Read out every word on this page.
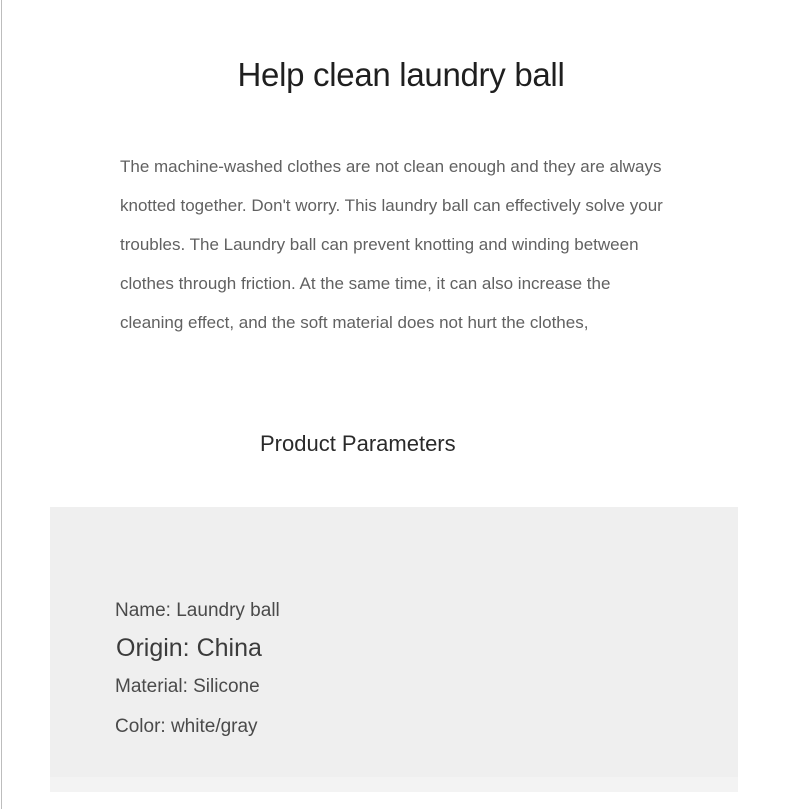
Help clean laundry ball

The machine-washed clothes are not clean enough and they are always

knotted together. Don't worry. This laundry ball can effectively solve your

troubles. The Laundry ball can prevent knotting and winding between

clothes through friction. At the same time, it can also increase the

cleaning effect, and the soft material does not hurt the clothes,

Product Parameters

Name: Laundry ball

Origin: China

Material: Silicone

Color: white/gray
